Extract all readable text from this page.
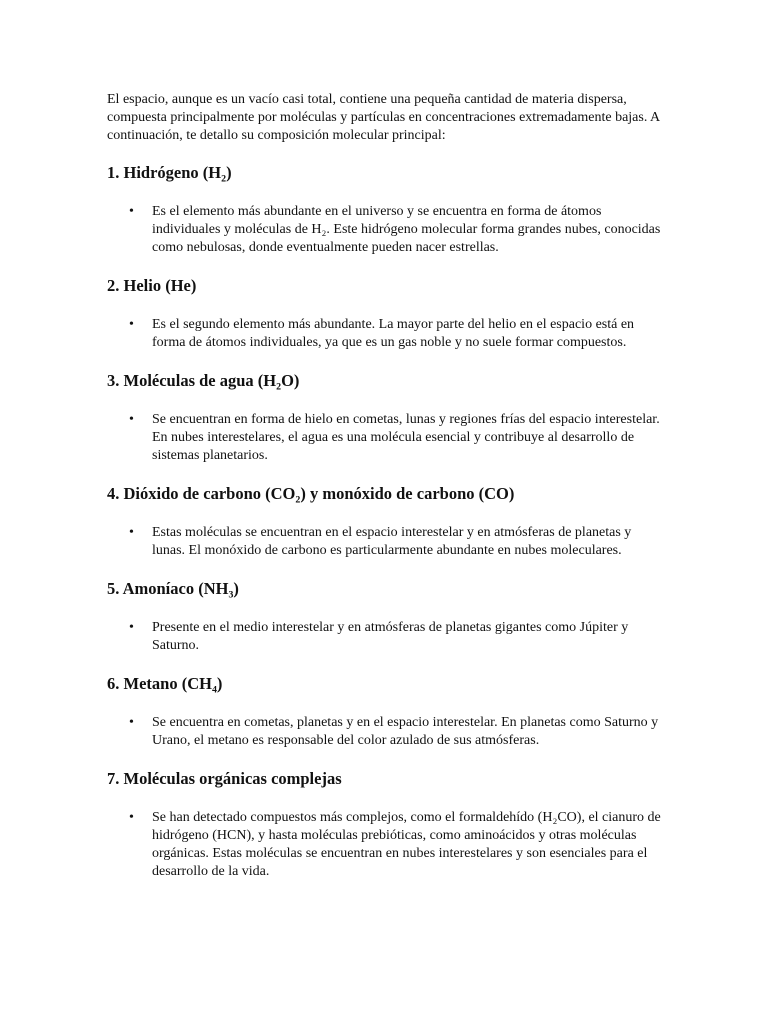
El espacio, aunque es un vacío casi total, contiene una pequeña cantidad de materia dispersa, compuesta principalmente por moléculas y partículas en concentraciones extremadamente bajas. A continuación, te detallo su composición molecular principal:

1. Hidrógeno (H₂)
• Es el elemento más abundante en el universo y se encuentra en forma de átomos individuales y moléculas de H₂. Este hidrógeno molecular forma grandes nubes, conocidas como nebulosas, donde eventualmente pueden nacer estrellas.
2. Helio (He)
• Es el segundo elemento más abundante. La mayor parte del helio en el espacio está en forma de átomos individuales, ya que es un gas noble y no suele formar compuestos.
3. Moléculas de agua (H₂O)
• Se encuentran en forma de hielo en cometas, lunas y regiones frías del espacio interestelar. En nubes interestelares, el agua es una molécula esencial y contribuye al desarrollo de sistemas planetarios.
4. Dióxido de carbono (CO₂) y monóxido de carbono (CO)
• Estas moléculas se encuentran en el espacio interestelar y en atmósferas de planetas y lunas. El monóxido de carbono es particularmente abundante en nubes moleculares.
5. Amoníaco (NH₃)
• Presente en el medio interestelar y en atmósferas de planetas gigantes como Júpiter y Saturno.
6. Metano (CH₄)
• Se encuentra en cometas, planetas y en el espacio interestelar. En planetas como Saturno y Urano, el metano es responsable del color azulado de sus atmósferas.
7. Moléculas orgánicas complejas
• Se han detectado compuestos más complejos, como el formaldehído (H₂CO), el cianuro de hidrógeno (HCN), y hasta moléculas prebióticas, como aminoácidos y otras moléculas orgánicas. Estas moléculas se encuentran en nubes interestelares y son esenciales para el desarrollo de la vida.
